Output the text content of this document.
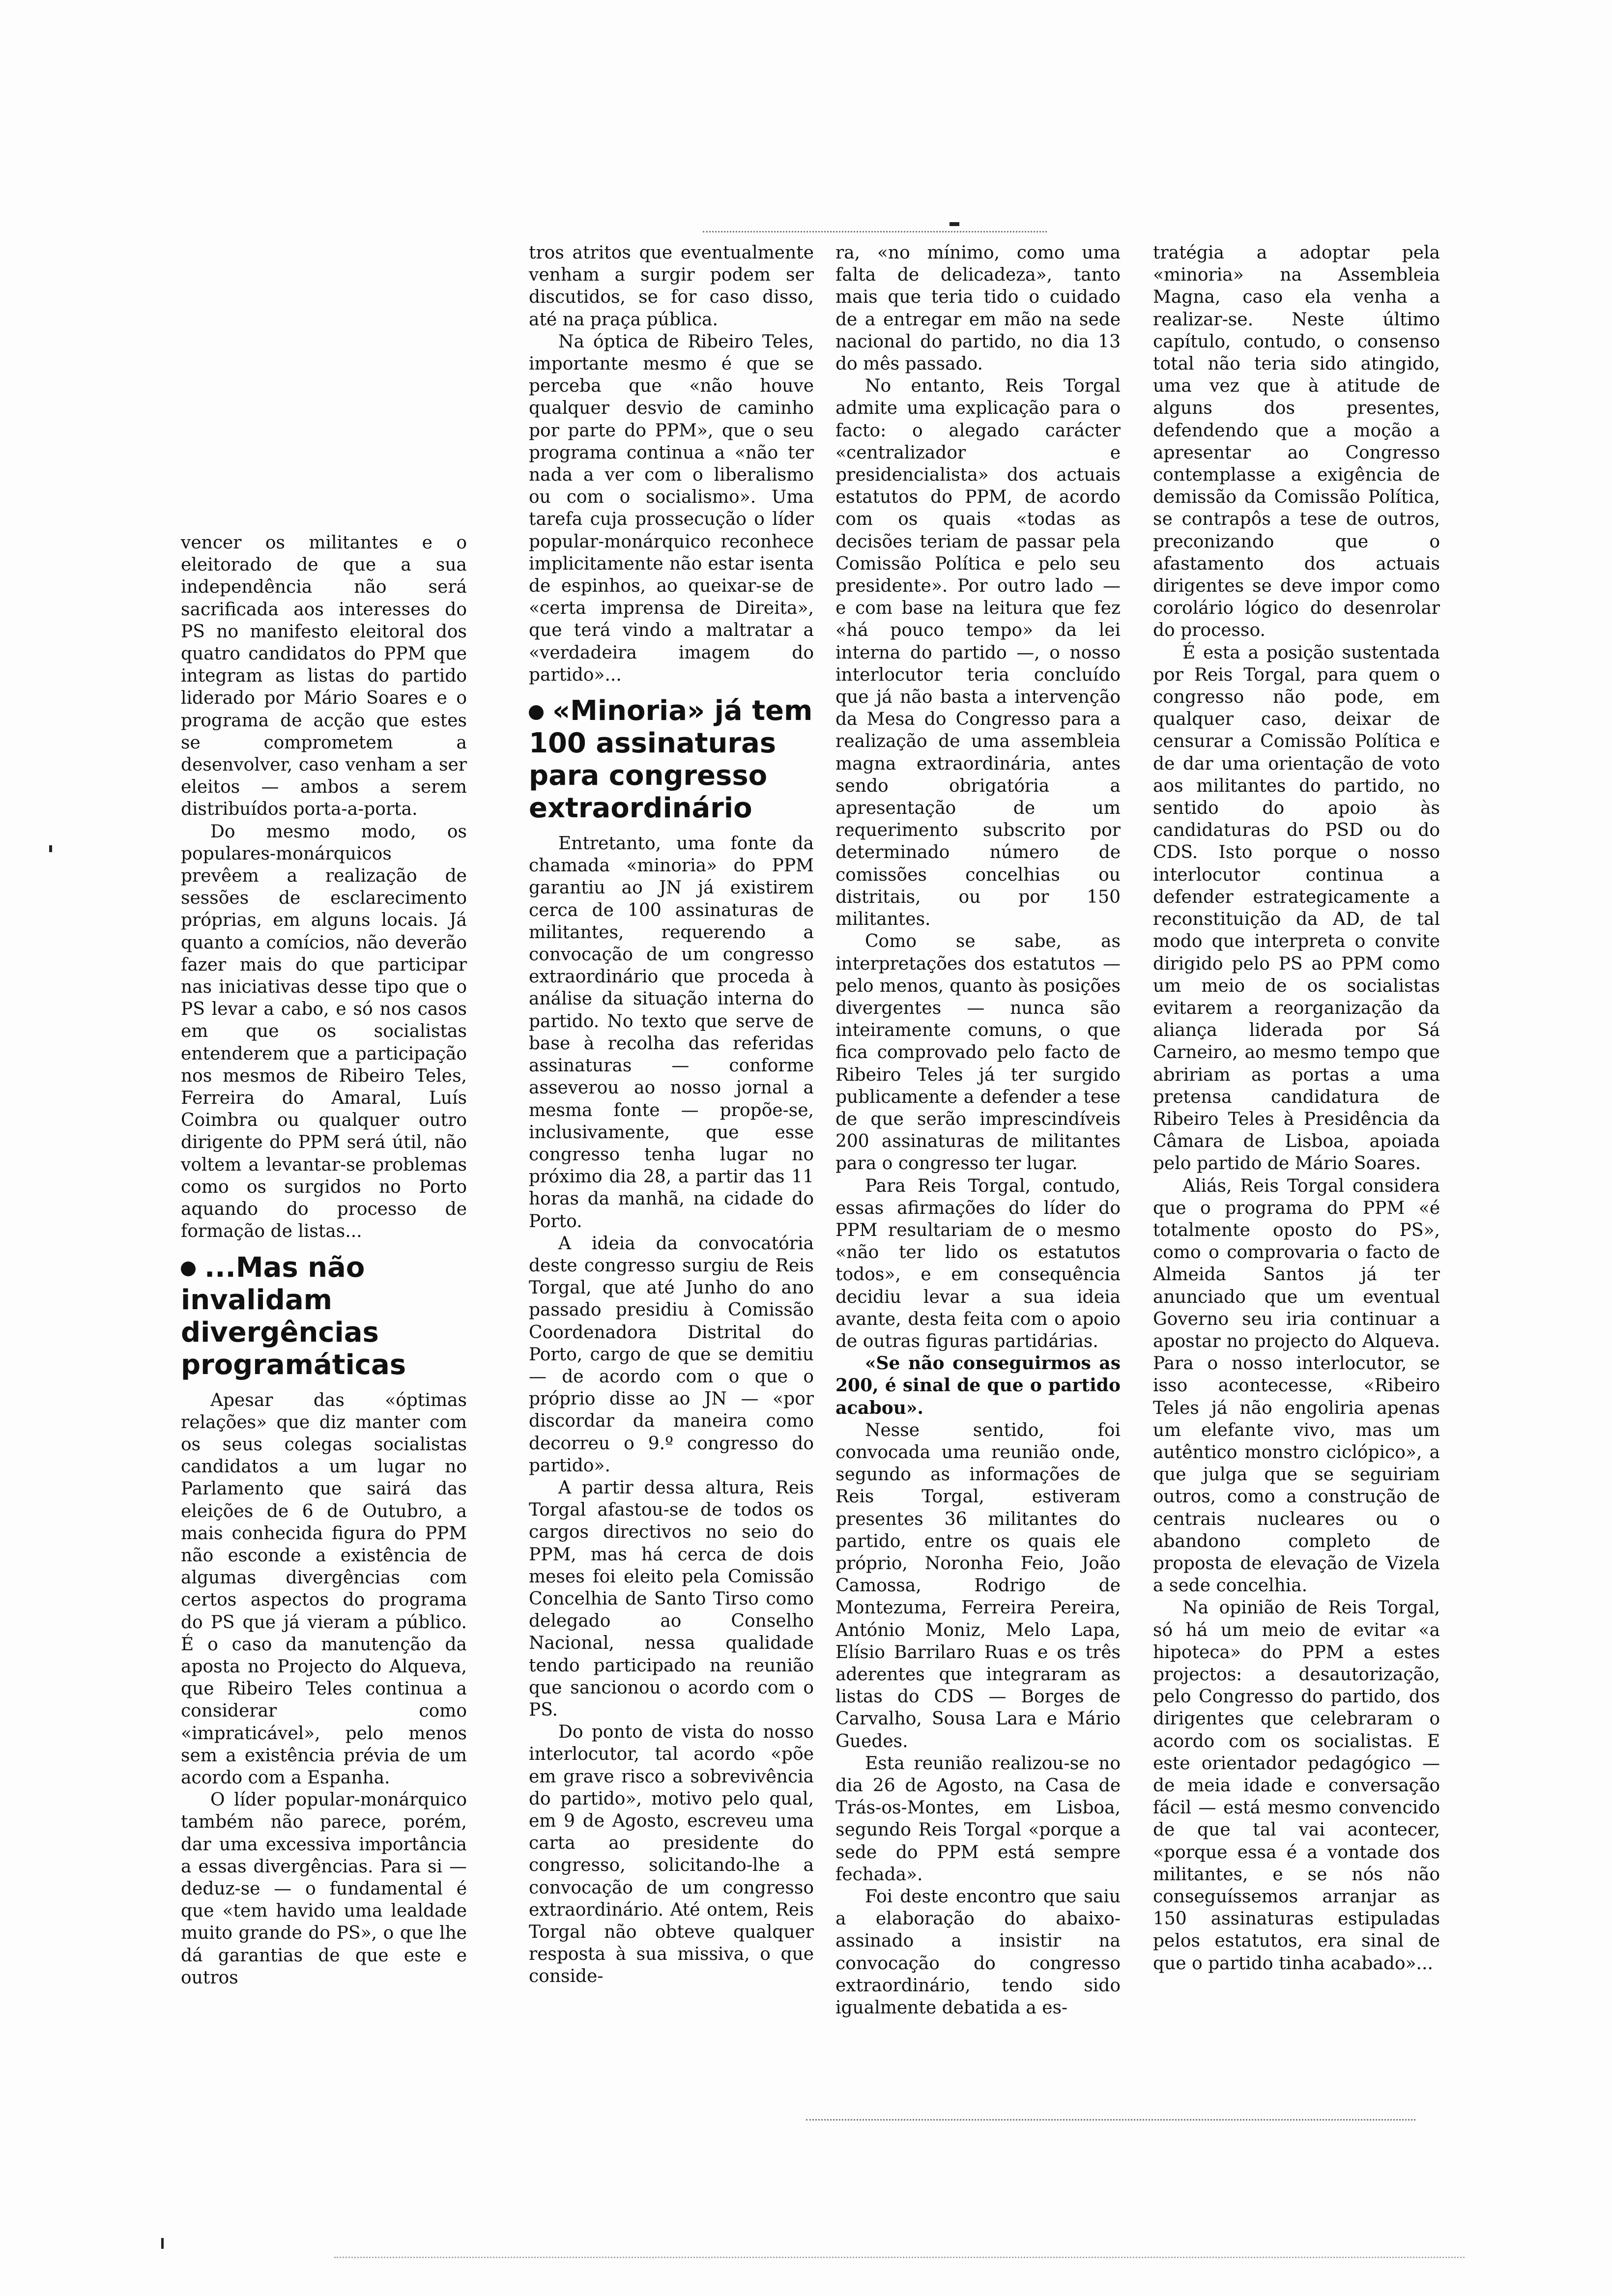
vencer os militantes e o eleitorado de que a sua independência não será sacrificada aos interesses do PS no manifesto eleitoral dos quatro candidatos do PPM que integram as listas do partido liderado por Mário Soares e o programa de acção que estes se comprometem a desenvolver, caso venham a ser eleitos — ambos a serem distribuídos porta-a-porta.

Do mesmo modo, os populares-monárquicos prevêem a realização de sessões de esclarecimento próprias, em alguns locais. Já quanto a comícios, não deverão fazer mais do que participar nas iniciativas desse tipo que o PS levar a cabo, e só nos casos em que os socialistas entenderem que a participação nos mesmos de Ribeiro Teles, Ferreira do Amaral, Luís Coimbra ou qualquer outro dirigente do PPM será útil, não voltem a levantar-se problemas como os surgidos no Porto aquando do processo de formação de listas...

...Mas não invalidam divergências programáticas

Apesar das «óptimas relações» que diz manter com os seus colegas socialistas candidatos a um lugar no Parlamento que sairá das eleições de 6 de Outubro, a mais conhecida figura do PPM não esconde a existência de algumas divergências com certos aspectos do programa do PS que já vieram a público. É o caso da manutenção da aposta no Projecto do Alqueva, que Ribeiro Teles continua a considerar como «impraticável», pelo menos sem a existência prévia de um acordo com a Espanha.

O líder popular-monárquico também não parece, porém, dar uma excessiva importância a essas divergências. Para si — deduz-se — o fundamental é que «tem havido uma lealdade muito grande do PS», o que lhe dá garantias de que este e outros

tros atritos que eventualmente venham a surgir podem ser discutidos, se for caso disso, até na praça pública.

Na óptica de Ribeiro Teles, importante mesmo é que se perceba que «não houve qualquer desvio de caminho por parte do PPM», que o seu programa continua a «não ter nada a ver com o liberalismo ou com o socialismo». Uma tarefa cuja prossecução o líder popular-monárquico reconhece implicitamente não estar isenta de espinhos, ao queixar-se de «certa imprensa de Direita», que terá vindo a maltratar a «verdadeira imagem do partido»...

«Minoria» já tem 100 assinaturas para congresso extraordinário

Entretanto, uma fonte da chamada «minoria» do PPM garantiu ao JN já existirem cerca de 100 assinaturas de militantes, requerendo a convocação de um congresso extraordinário que proceda à análise da situação interna do partido. No texto que serve de base à recolha das referidas assinaturas — conforme asseverou ao nosso jornal a mesma fonte — propõe-se, inclusivamente, que esse congresso tenha lugar no próximo dia 28, a partir das 11 horas da manhã, na cidade do Porto.

A ideia da convocatória deste congresso surgiu de Reis Torgal, que até Junho do ano passado presidiu à Comissão Coordenadora Distrital do Porto, cargo de que se demitiu — de acordo com o que o próprio disse ao JN — «por discordar da maneira como decorreu o 9.º congresso do partido».

A partir dessa altura, Reis Torgal afastou-se de todos os cargos directivos no seio do PPM, mas há cerca de dois meses foi eleito pela Comissão Concelhia de Santo Tirso como delegado ao Conselho Nacional, nessa qualidade tendo participado na reunião que sancionou o acordo com o PS.

Do ponto de vista do nosso interlocutor, tal acordo «põe em grave risco a sobrevivência do partido», motivo pelo qual, em 9 de Agosto, escreveu uma carta ao presidente do congresso, solicitando-lhe a convocação de um congresso extraordinário. Até ontem, Reis Torgal não obteve qualquer resposta à sua missiva, o que conside-

ra, «no mínimo, como uma falta de delicadeza», tanto mais que teria tido o cuidado de a entregar em mão na sede nacional do partido, no dia 13 do mês passado.

No entanto, Reis Torgal admite uma explicação para o facto: o alegado carácter «centralizador e presidencialista» dos actuais estatutos do PPM, de acordo com os quais «todas as decisões teriam de passar pela Comissão Política e pelo seu presidente». Por outro lado — e com base na leitura que fez «há pouco tempo» da lei interna do partido —, o nosso interlocutor teria concluído que já não basta a intervenção da Mesa do Congresso para a realização de uma assembleia magna extraordinária, antes sendo obrigatória a apresentação de um requerimento subscrito por determinado número de comissões concelhias ou distritais, ou por 150 militantes.

Como se sabe, as interpretações dos estatutos — pelo menos, quanto às posições divergentes — nunca são inteiramente comuns, o que fica comprovado pelo facto de Ribeiro Teles já ter surgido publicamente a defender a tese de que serão imprescindíveis 200 assinaturas de militantes para o congresso ter lugar.

Para Reis Torgal, contudo, essas afirmações do líder do PPM resultariam de o mesmo «não ter lido os estatutos todos», e em consequência decidiu levar a sua ideia avante, desta feita com o apoio de outras figuras partidárias.

«Se não conseguirmos as 200, é sinal de que o partido acabou».

Nesse sentido, foi convocada uma reunião onde, segundo as informações de Reis Torgal, estiveram presentes 36 militantes do partido, entre os quais ele próprio, Noronha Feio, João Camossa, Rodrigo de Montezuma, Ferreira Pereira, António Moniz, Melo Lapa, Elísio Barrilaro Ruas e os três aderentes que integraram as listas do CDS — Borges de Carvalho, Sousa Lara e Mário Guedes.

Esta reunião realizou-se no dia 26 de Agosto, na Casa de Trás-os-Montes, em Lisboa, segundo Reis Torgal «porque a sede do PPM está sempre fechada».

Foi deste encontro que saiu a elaboração do abaixo-assinado a insistir na convocação do congresso extraordinário, tendo sido igualmente debatida a es-

tratégia a adoptar pela «minoria» na Assembleia Magna, caso ela venha a realizar-se. Neste último capítulo, contudo, o consenso total não teria sido atingido, uma vez que à atitude de alguns dos presentes, defendendo que a moção a apresentar ao Congresso contemplasse a exigência de demissão da Comissão Política, se contrapôs a tese de outros, preconizando que o afastamento dos actuais dirigentes se deve impor como corolário lógico do desenrolar do processo.

É esta a posição sustentada por Reis Torgal, para quem o congresso não pode, em qualquer caso, deixar de censurar a Comissão Política e de dar uma orientação de voto aos militantes do partido, no sentido do apoio às candidaturas do PSD ou do CDS. Isto porque o nosso interlocutor continua a defender estrategicamente a reconstituição da AD, de tal modo que interpreta o convite dirigido pelo PS ao PPM como um meio de os socialistas evitarem a reorganização da aliança liderada por Sá Carneiro, ao mesmo tempo que abririam as portas a uma pretensa candidatura de Ribeiro Teles à Presidência da Câmara de Lisboa, apoiada pelo partido de Mário Soares.

Aliás, Reis Torgal considera que o programa do PPM «é totalmente oposto do PS», como o comprovaria o facto de Almeida Santos já ter anunciado que um eventual Governo seu iria continuar a apostar no projecto do Alqueva. Para o nosso interlocutor, se isso acontecesse, «Ribeiro Teles já não engoliria apenas um elefante vivo, mas um autêntico monstro ciclópico», a que julga que se seguiriam outros, como a construção de centrais nucleares ou o abandono completo de proposta de elevação de Vizela a sede concelhia.

Na opinião de Reis Torgal, só há um meio de evitar «a hipoteca» do PPM a estes projectos: a desautorização, pelo Congresso do partido, dos dirigentes que celebraram o acordo com os socialistas. E este orientador pedagógico — de meia idade e conversação fácil — está mesmo convencido de que tal vai acontecer, «porque essa é a vontade dos militantes, e se nós não conseguíssemos arranjar as 150 assinaturas estipuladas pelos estatutos, era sinal de que o partido tinha acabado»...
